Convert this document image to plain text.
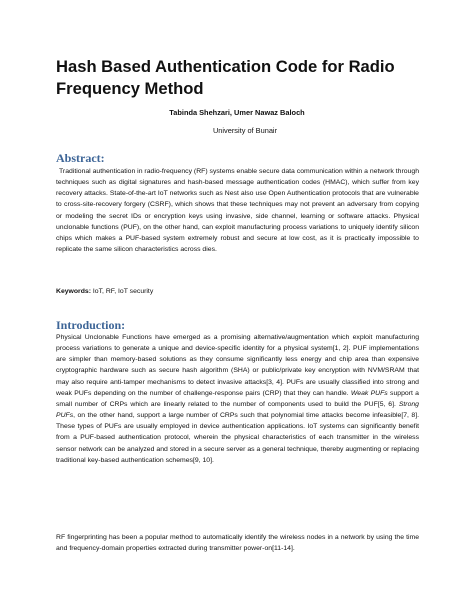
Hash Based Authentication Code for Radio Frequency Method
Tabinda Shehzari, Umer Nawaz Baloch
University of Bunair
Abstract:

Traditional authentication in radio-frequency (RF) systems enable secure data communication within a network through techniques such as digital signatures and hash-based message authentication codes (HMAC), which suffer from key recovery attacks. State-of-the-art IoT networks such as Nest also use Open Authentication protocols that are vulnerable to cross-site-recovery forgery (CSRF), which shows that these techniques may not prevent an adversary from copying or modeling the secret IDs or encryption keys using invasive, side channel, learning or software attacks. Physical unclonable functions (PUF), on the other hand, can exploit manufacturing process variations to uniquely identify silicon chips which makes a PUF-based system extremely robust and secure at low cost, as it is practically impossible to replicate the same silicon characteristics across dies.

Keywords: IoT, RF, IoT security

Introduction:

Physical Unclonable Functions have emerged as a promising alternative/augmentation which exploit manufacturing process variations to generate a unique and device-specific identity for a physical system[1, 2]. PUF implementations are simpler than memory-based solutions as they consume significantly less energy and chip area than expensive cryptographic hardware such as secure hash algorithm (SHA) or public/private key encryption with NVM/SRAM that may also require anti-tamper mechanisms to detect invasive attacks[3, 4]. PUFs are usually classified into strong and weak PUFs depending on the number of challenge-response pairs (CRP) that they can handle. Weak PUFs support a small number of CRPs which are linearly related to the number of components used to build the PUF[5, 6]. Strong PUFs, on the other hand, support a large number of CRPs such that polynomial time attacks become infeasible[7, 8]. These types of PUFs are usually employed in device authentication applications. IoT systems can significantly benefit from a PUF-based authentication protocol, wherein the physical characteristics of each transmitter in the wireless sensor network can be analyzed and stored in a secure server as a general technique, thereby augmenting or replacing traditional key-based authentication schemes[9, 10].

RF fingerprinting has been a popular method to automatically identify the wireless nodes in a network by using the time and frequency-domain properties extracted during transmitter power-on[11-14].
